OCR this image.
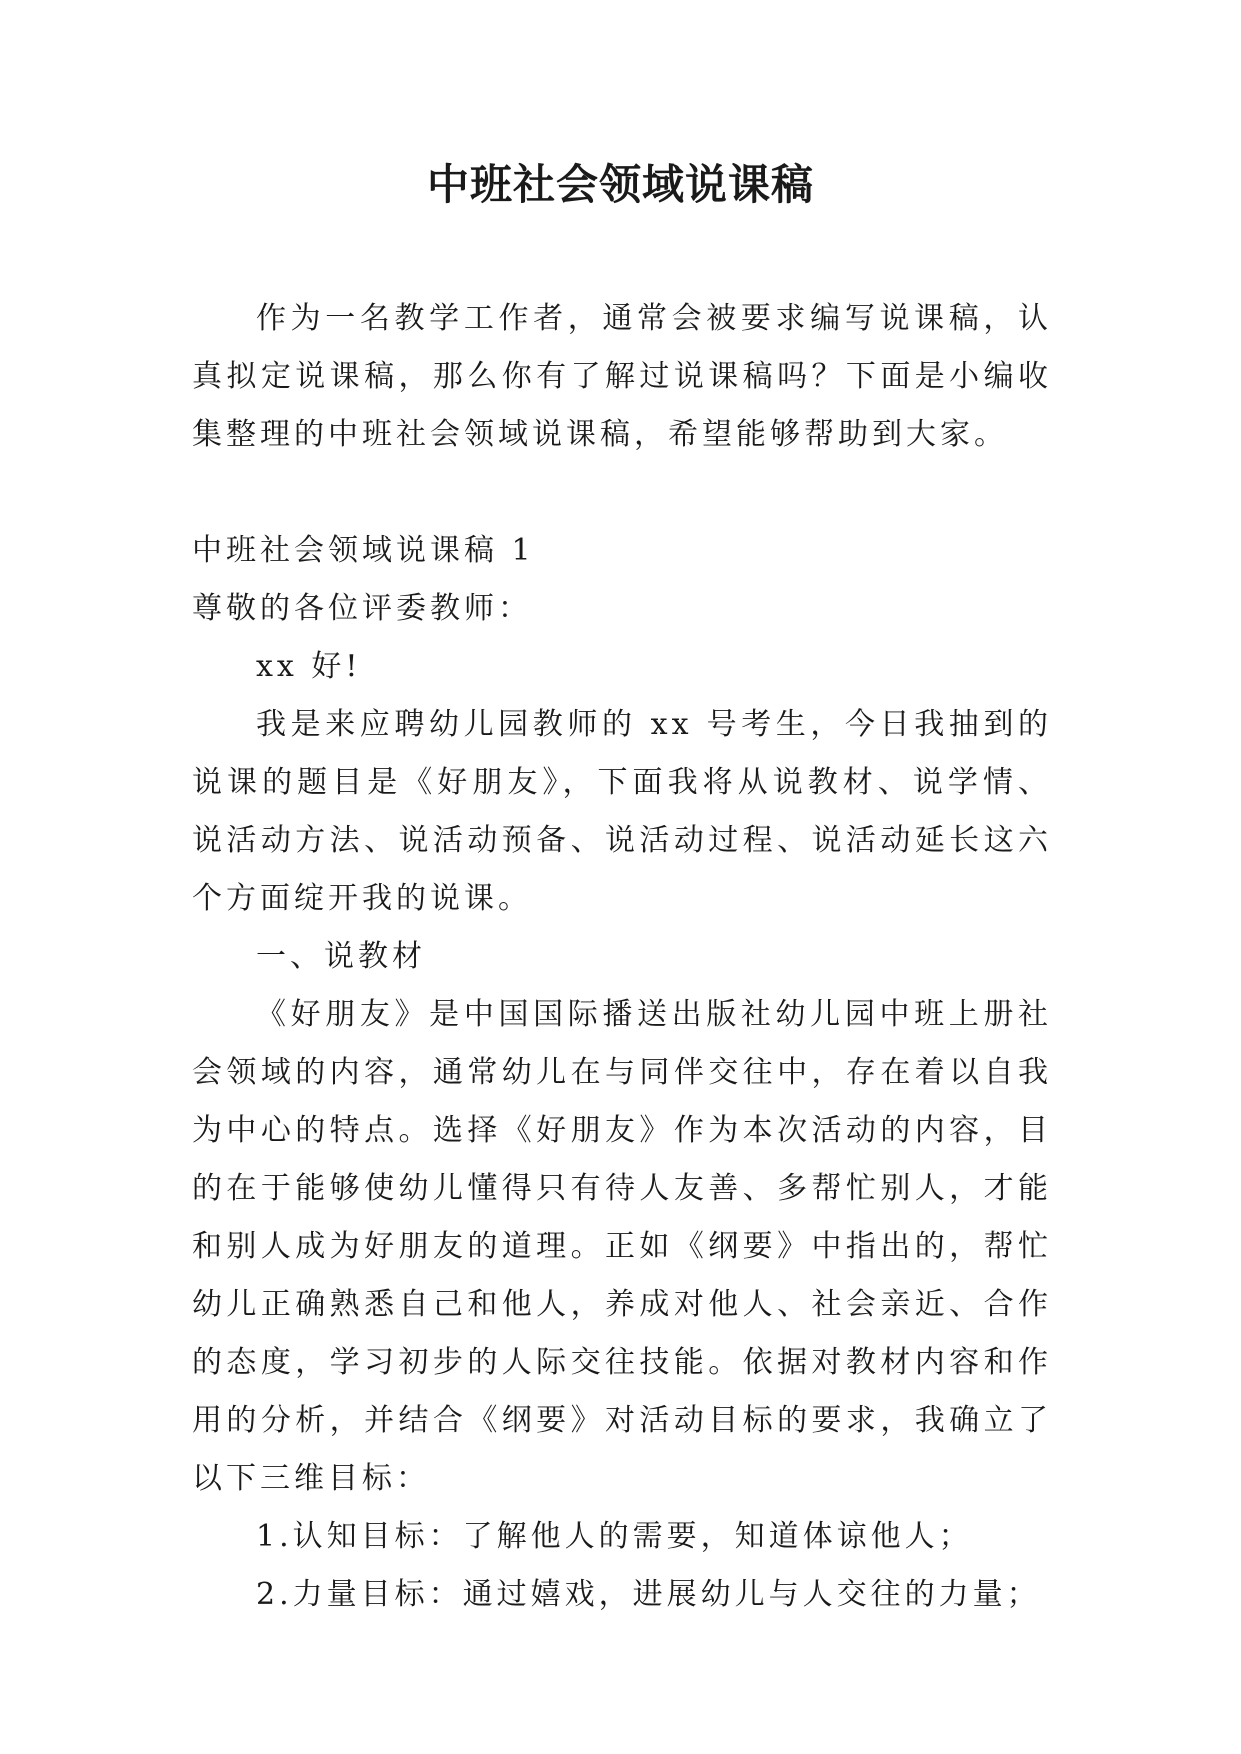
中班社会领域说课稿

作为一名教学工作者，通常会被要求编写说课稿，认真拟定说课稿，那么你有了解过说课稿吗？下面是小编收集整理的中班社会领域说课稿，希望能够帮助到大家。

中班社会领域说课稿 1

尊敬的各位评委教师：

xx 好!

我是来应聘幼儿园教师的 xx 号考生，今日我抽到的说课的题目是《好朋友》，下面我将从说教材、说学情、说活动方法、说活动预备、说活动过程、说活动延长这六个方面绽开我的说课。

一、说教材

《好朋友》是中国国际播送出版社幼儿园中班上册社会领域的内容，通常幼儿在与同伴交往中，存在着以自我为中心的特点。选择《好朋友》作为本次活动的内容，目的在于能够使幼儿懂得只有待人友善、多帮忙别人，才能和别人成为好朋友的道理。正如《纲要》中指出的，帮忙幼儿正确熟悉自己和他人，养成对他人、社会亲近、合作的态度，学习初步的人际交往技能。依据对教材内容和作用的分析，并结合《纲要》对活动目标的要求，我确立了以下三维目标：

1.认知目标：了解他人的需要，知道体谅他人；

2.力量目标：通过嬉戏，进展幼儿与人交往的力量；
